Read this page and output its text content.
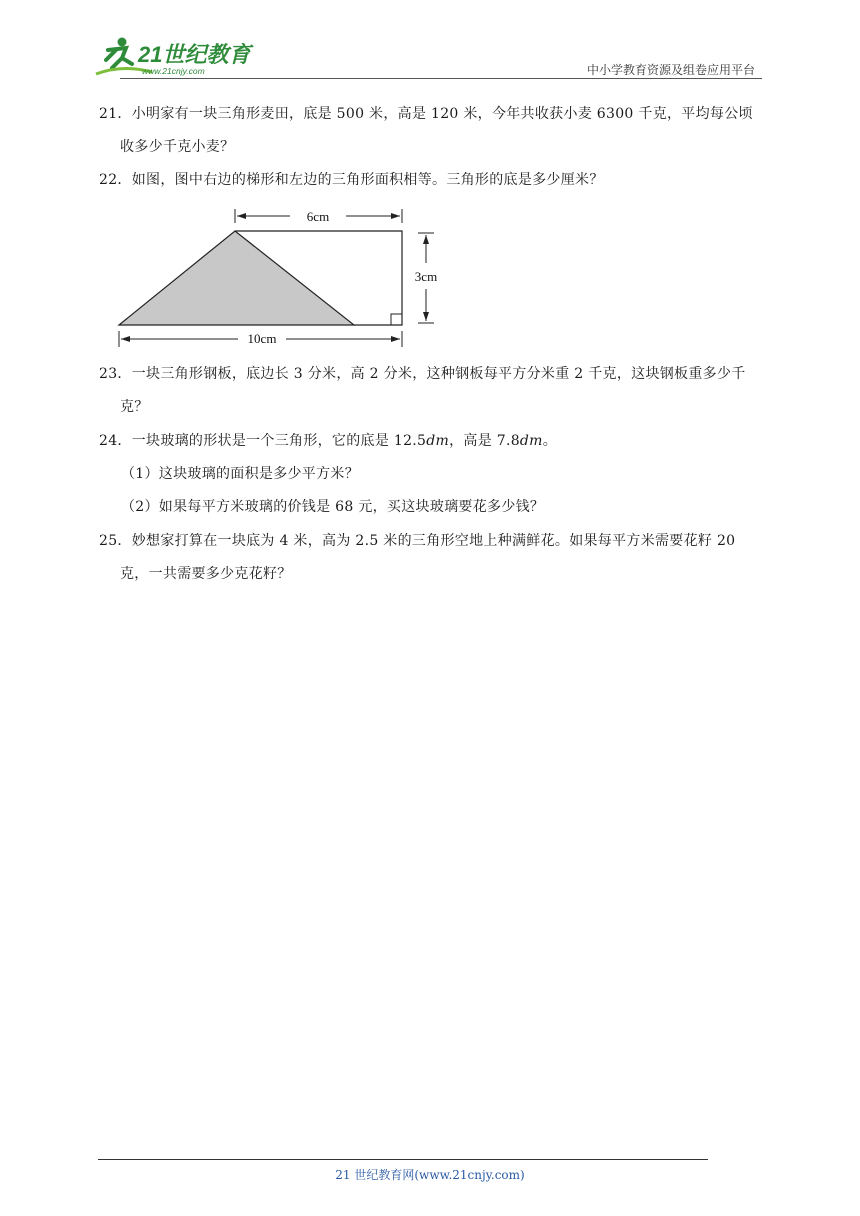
21世纪教育
www.21cnjy.com	中小学教育资源及组卷应用平台
21．小明家有一块三角形麦田，底是 500 米，高是 120 米，今年共收获小麦 6300 千克，平均每公顷
收多少千克小麦？
22．如图，图中右边的梯形和左边的三角形面积相等。三角形的底是多少厘米？
6cm
3cm
10cm
23．一块三角形钢板，底边长 3 分米，高 2 分米，这种钢板每平方分米重 2 千克，这块钢板重多少千
克？
24．一块玻璃的形状是一个三角形，它的底是 12.5dm，高是 7.8dm。
（1）这块玻璃的面积是多少平方米？
（2）如果每平方米玻璃的价钱是 68 元，买这块玻璃要花多少钱？
25．妙想家打算在一块底为 4 米，高为 2.5 米的三角形空地上种满鲜花。如果每平方米需要花籽 20
克，一共需要多少克花籽？
21 世纪教育网(www.21cnjy.com)
